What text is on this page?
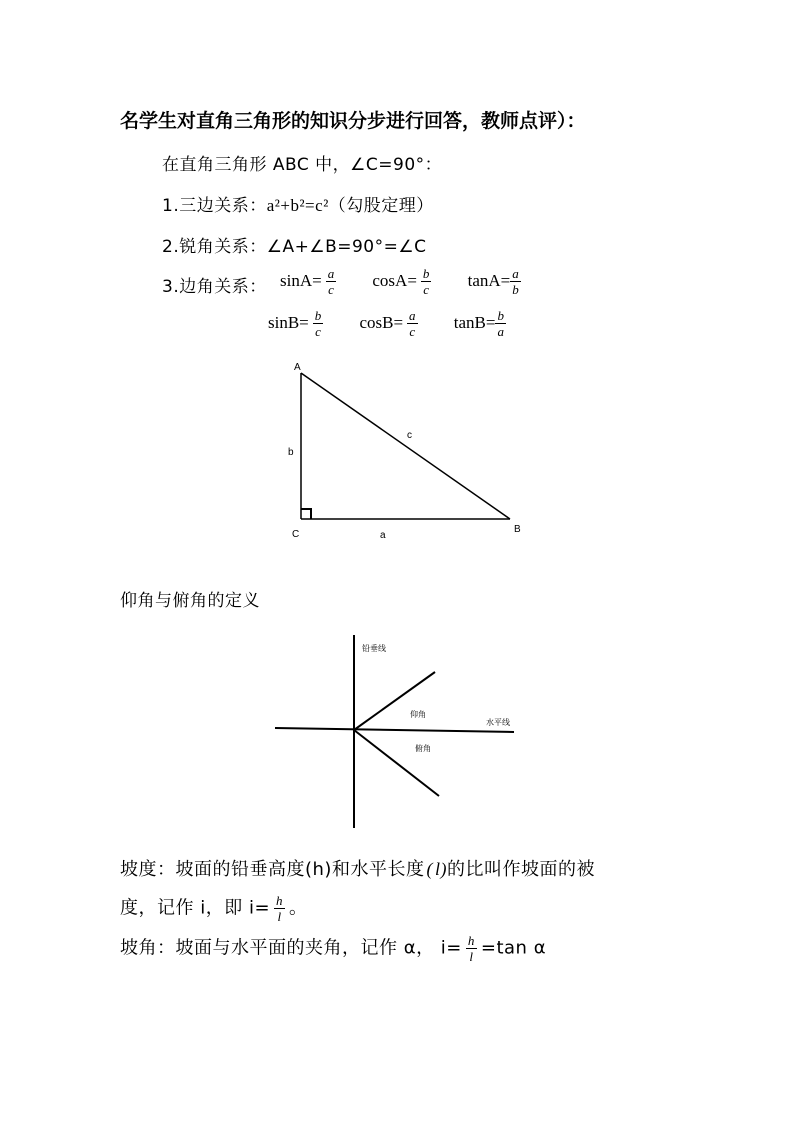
名学生对直角三角形的知识分步进行回答，教师点评）：
在直角三角形 ABC 中，∠C=90°：
1.三边关系：a²+b²=c²（勾股定理）
2.锐角关系：∠A+∠B=90°=∠C
3.边角关系： $\sin A= \frac{a}{c} \cos A= \frac{b}{c} \tan A= \frac{a}{b}$
$\sin B= \frac{b}{c} \cos B= \frac{a}{c} \tan B= \frac{b}{a}$
A
B
C	a
b
c
仰角与俯角的定义
铅垂线
水平线
仰角
俯角
坡度：坡面的铅垂高度(h)和水平长度 ( l)的比叫作坡面的被
度，记作 i，即 $i= \frac{h}{l}$ 。
坡角：坡面与水平面的夹角，记作 α， $i= \frac{h}{l} =\tan$ α
